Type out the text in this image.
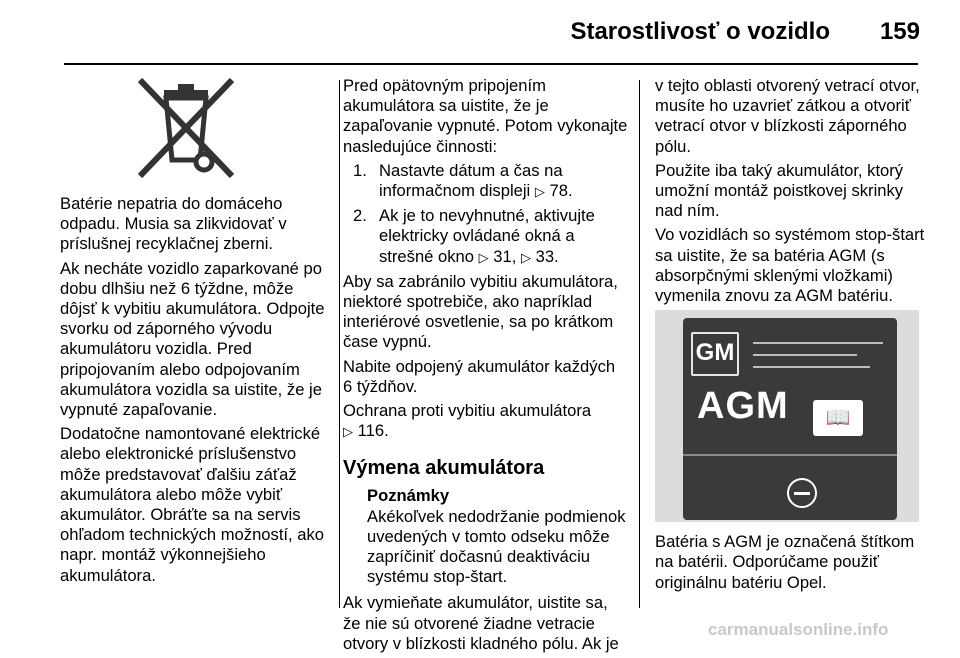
Starostlivosť o vozidlo 159

Batérie nepatria do domáceho odpadu. Musia sa zlikvidovať v príslušnej recyklačnej zberni.

Ak necháte vozidlo zaparkované po dobu dlhšiu než 6 týždne, môže dôjsť k vybitiu akumulátora. Odpojte svorku od záporného vývodu akumulátoru vozidla. Pred pripojovaním alebo odpojovaním akumulátora vozidla sa uistite, že je vypnuté zapaľovanie.

Dodatočne namontované elektrické alebo elektronické príslušenstvo môže predstavovať ďalšiu záťaž akumulátora alebo môže vybiť akumulátor. Obráťte sa na servis ohľadom technických možností, ako napr. montáž výkonnejšieho akumulátora.

Pred opätovným pripojením akumulátora sa uistite, že je zapaľovanie vypnuté. Potom vykonajte nasledujúce činnosti:

1. Nastavte dátum a čas na informačnom displeji ▷ 78.
2. Ak je to nevyhnutné, aktivujte elektricky ovládané okná a strešné okno ▷ 31, ▷ 33.

Aby sa zabránilo vybitiu akumulátora, niektoré spotrebiče, ako napríklad interiérové osvetlenie, sa po krátkom čase vypnú.

Nabite odpojený akumulátor každých 6 týždňov.

Ochrana proti vybitiu akumulátora
▷ 116.

Výmena akumulátora
Poznámky
Akékoľvek nedodržanie podmienok uvedených v tomto odseku môže zapríčiniť dočasnú deaktiváciu systému stop-štart.

Ak vymieňate akumulátor, uistite sa, že nie sú otvorené žiadne vetracie otvory v blízkosti kladného pólu. Ak je

v tejto oblasti otvorený vetrací otvor, musíte ho uzavrieť zátkou a otvoriť vetrací otvor v blízkosti záporného pólu.

Použite iba taký akumulátor, ktorý umožní montáž poistkovej skrinky nad ním.

Vo vozidlách so systémom stop-štart sa uistite, že sa batéria AGM (s absorpčnými sklenými vložkami) vymenila znovu za AGM batériu.

GM
AGM	📖

Batéria s AGM je označená štítkom na batérii. Odporúčame použiť originálnu batériu Opel.

carmanualsonline.info
